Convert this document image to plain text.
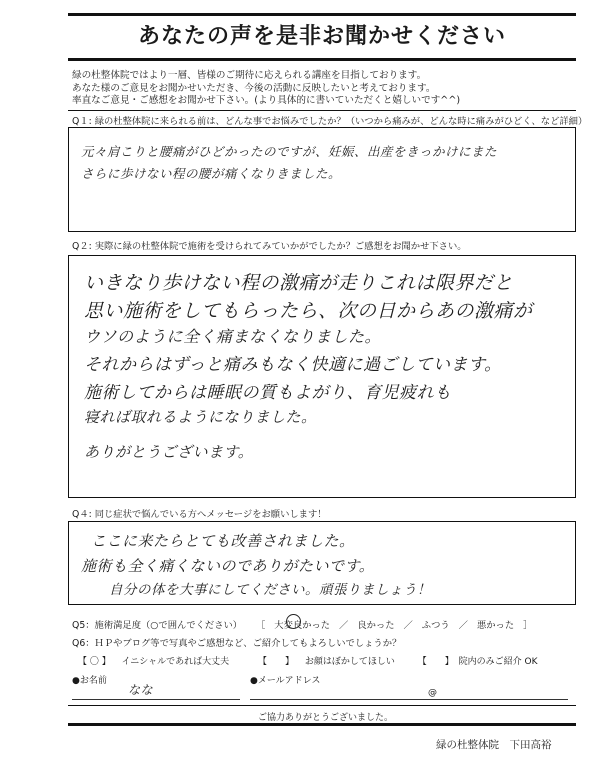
あなたの声を是非お聞かせください
緑の杜整体院ではより一層、皆様のご期待に応えられる講座を目指しております。
あなた様のご意見をお聞かせいただき、今後の活動に反映したいと考えております。
率直なご意見・ご感想をお聞かせ下さい。(より具体的に書いていただくと嬉しいです^^)
Q１: 緑の杜整体院に来られる前は、どんな事でお悩みでしたか？（いつから痛みが、どんな時に痛みがひどく、など詳細）
元々肩こりと腰痛がひどかったのですが、妊娠、出産をきっかけにまた
さらに歩けない程の腰が痛くなりきました。
Q２: 実際に緑の杜整体院で施術を受けられてみていかがでしたか？ご感想をお聞かせ下さい。
いきなり歩けない程の激痛が走りこれは限界だと
思い施術をしてもらったら、次の日からあの激痛が
ウソのように全く痛まなくなりました。
それからはずっと痛みもなく快適に過ごしています。
施術してからは睡眠の質もよがり、育児疲れも
寝れば取れるようになりました。
ありがとうございます。
Q４: 同じ症状で悩んでいる方へメッセージをお願いします！
ここに来たらとても改善されました。
施術も全く痛くないのでありがたいです。
自分の体を大事にしてください。頑張りましょう！
Q5：施術満足度（○で囲んでください） ［ 大変良かった ／ 良かった ／ ふつう ／ 悪かった ］
Q6：ＨＰやブログ等で写真やご感想など、ご紹介してもよろしいでしょうか？
【 〇 】 イニシャルであれば大丈夫	【　　】 お顔はぼかしてほしい	【　　】 院内のみご紹介 OK
●お名前
なな
●メールアドレス
@
ご協力ありがとうございました。
緑の杜整体院　下田高裕
